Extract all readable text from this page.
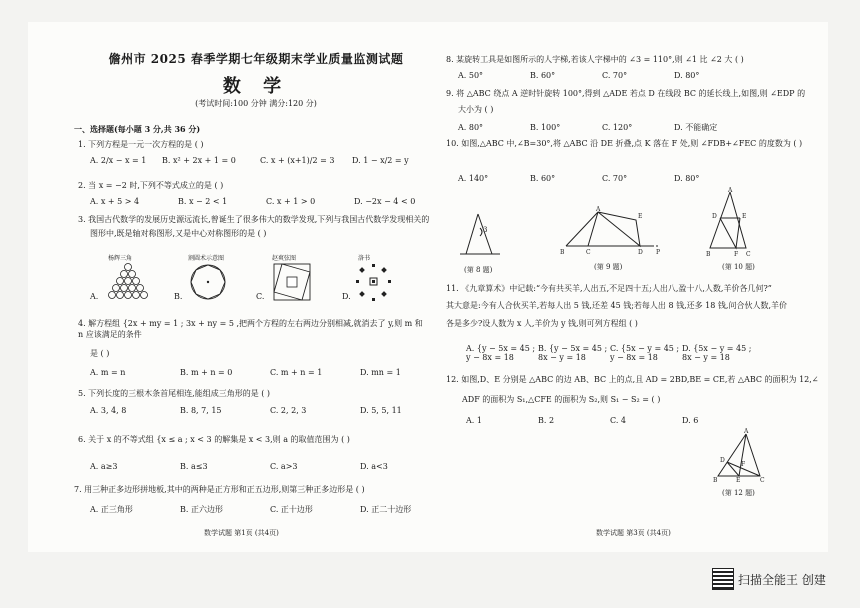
儋州市 2025 春季学期七年级期末学业质量监测试题
数 学
(考试时间:100 分钟 满分:120 分)
一、选择题(每小题 3 分,共 36 分)
1. 下列方程是一元一次方程的是 ( )
A. 2/x − x = 1 B. x² + 2x + 1 = 0	C. x + (x+1)/2 = 3 D. 1 − x/2 = y
2. 当 x = −2 时,下列不等式成立的是 ( )
A. x + 5 > 4	B. x − 2 < 1	C. x + 1 > 0	D. −2x − 4 < 0
3. 我国古代数学的发展历史源远流长,曾诞生了很多伟大的数学发现,下列与我国古代数学发现相关的
图形中,既是轴对称图形,又是中心对称图形的是 ( )
杨辉三角	割圆术示意图	赵爽弦图	洛书
A.	B.	C.	D.
4. 解方程组 {2x + my = 1 ; 3x + ny = 5 ,把两个方程的左右两边分别相减,就消去了 y,则 m 和 n 应该满足的条件
是 ( )
A. m = n	B. m + n = 0	C. m + n = 1	D. mn = 1
5. 下列长度的三根木条首尾相连,能组成三角形的是 ( )
A. 3, 4, 8	B. 8, 7, 15	C. 2, 2, 3	D. 5, 5, 11
6. 关于 x 的不等式组 {x ≤ a ; x < 3 的解集是 x < 3,则 a 的取值范围为 ( )
A. a≥3	B. a≤3	C. a>3	D. a<3
7. 用三种正多边形拼地板,其中的两种是正方形和正五边形,则第三种正多边形是 ( )
A. 正三角形	B. 正六边形	C. 正十边形	D. 正二十边形
数学试题 第1页 (共4页)
8. 某旋转工具是如图所示的人字梯,若该人字梯中的 ∠3 = 110°,则 ∠1 比 ∠2 大 ( )
A. 50°	B. 60°	C. 70°	D. 80°
9. 将 △ABC 绕点 A 逆时针旋转 100°,得到 △ADE 若点 D 在线段 BC 的延长线上,如图,则 ∠EDP 的
大小为 ( )
A. 80°	B. 100°	C. 120°	D. 不能确定
10. 如图,△ABC 中,∠B=30°,将 △ABC 沿 DE 折叠,点 K 落在 F 处,则 ∠FDB+∠FEC 的度数为 ( )
A. 140°	B. 60°	C. 70°	D. 80°
3
(第 8 题)
A
E
B	C	D P
(第 9 题)
A
D	E
B	C
F
(第 10 题)
11. 《九章算术》中记载:“今有共买羊,人出五,不足四十五;人出八,盈十八,人数,羊价各几何?”
其大意是:今有人合伙买羊,若每人出 5 钱,还差 45 钱;若每人出 8 钱,还多 18 钱,问合伙人数,羊价
各是多少?设人数为 x 人,羊价为 y 钱,则可列方程组 ( )
A. {y − 5x = 45 ; y − 8x = 18B. {y − 5x = 45 ; 8x − y = 18C. {5x − y = 45 ; y − 8x = 18D. {5x − y = 45 ; 8x − y = 18
12. 如图,D、E 分别是 △ABC 的边 AB、BC 上的点,且 AD = 2BD,BE = CE,若 △ABC 的面积为 12,∠
ADF 的面积为 S₁,△CFE 的面积为 S₂,则 S₁ − S₂ = ( )
A. 1	B. 2	C. 4	D. 6
A
D
F
E
B	C
(第 12 题)
数学试题 第3页 (共4页)
扫描全能王 创建
